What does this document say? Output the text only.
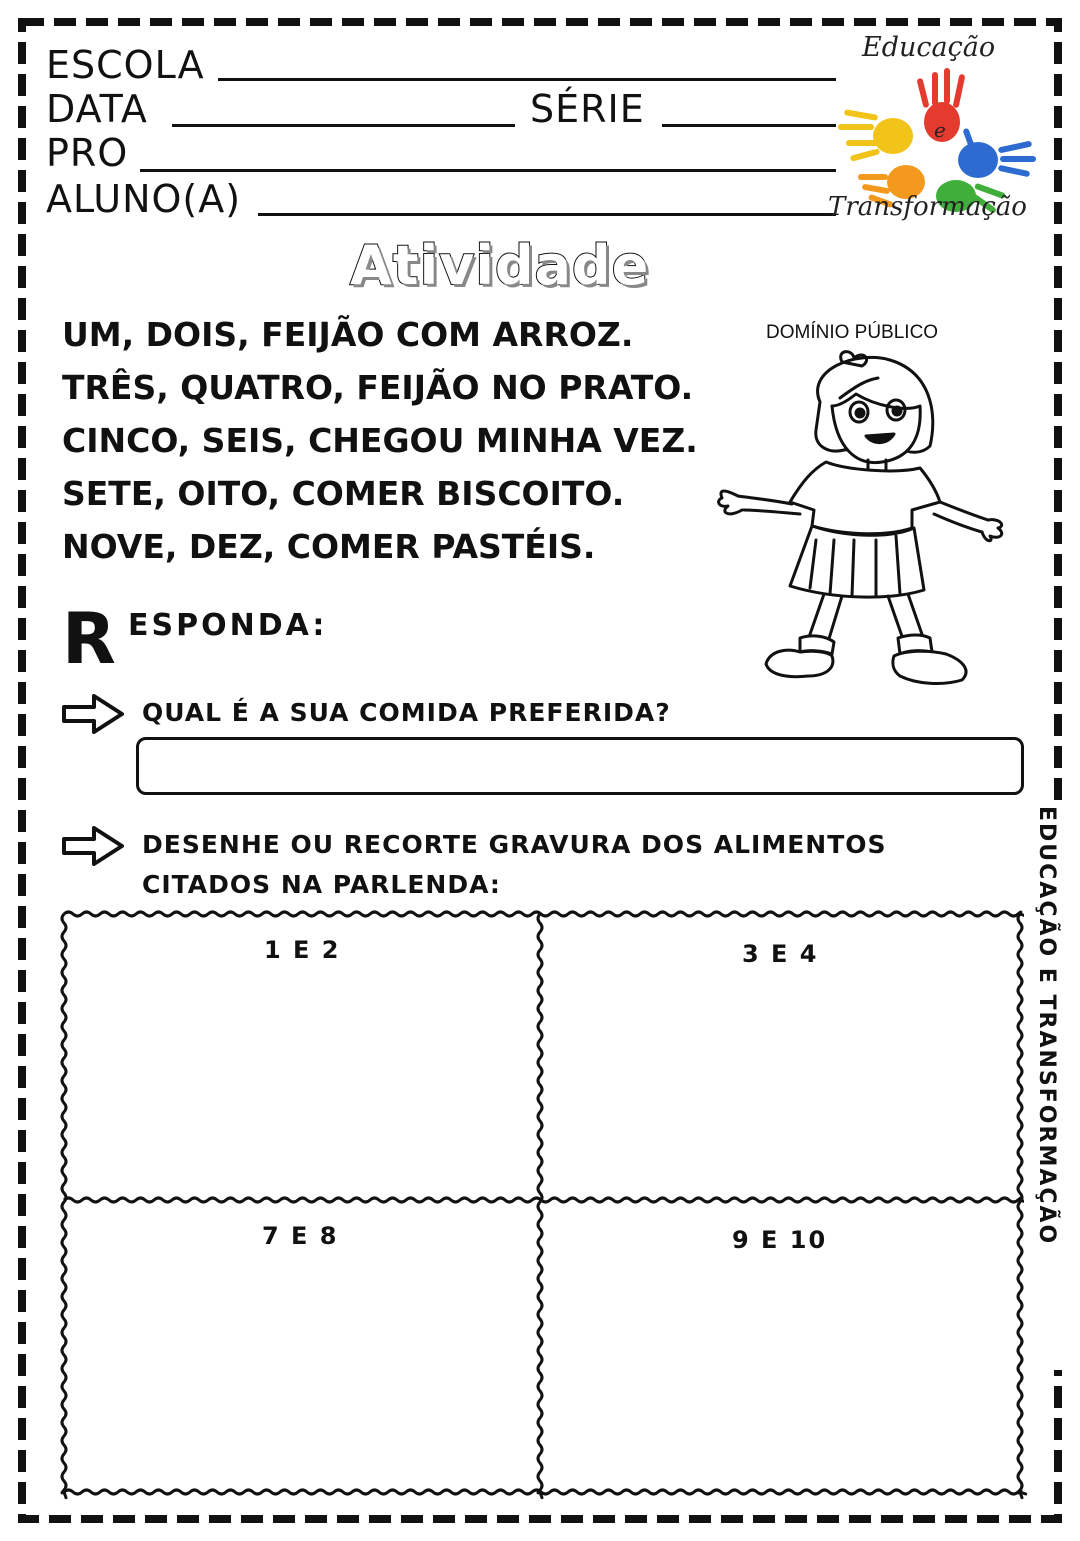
ESCOLA
DATA	SÉRIE
PRO
ALUNO(A)
Educação
e
Transformação
Atividade
UM, DOIS, FEIJÃO COM ARROZ.
TRÊS, QUATRO, FEIJÃO NO PRATO.
CINCO, SEIS, CHEGOU MINHA VEZ.
SETE, OITO, COMER BISCOITO.
NOVE, DEZ, COMER PASTÉIS.
DOMÍNIO PÚBLICO
R ESPONDA:
QUAL É A SUA COMIDA PREFERIDA?
DESENHE OU RECORTE GRAVURA DOS ALIMENTOS
CITADOS NA PARLENDA:
1 E 2	3 E 4
7 E 8	9 E 10	EDUCAÇÃO E TRANSFORMAÇÃO
